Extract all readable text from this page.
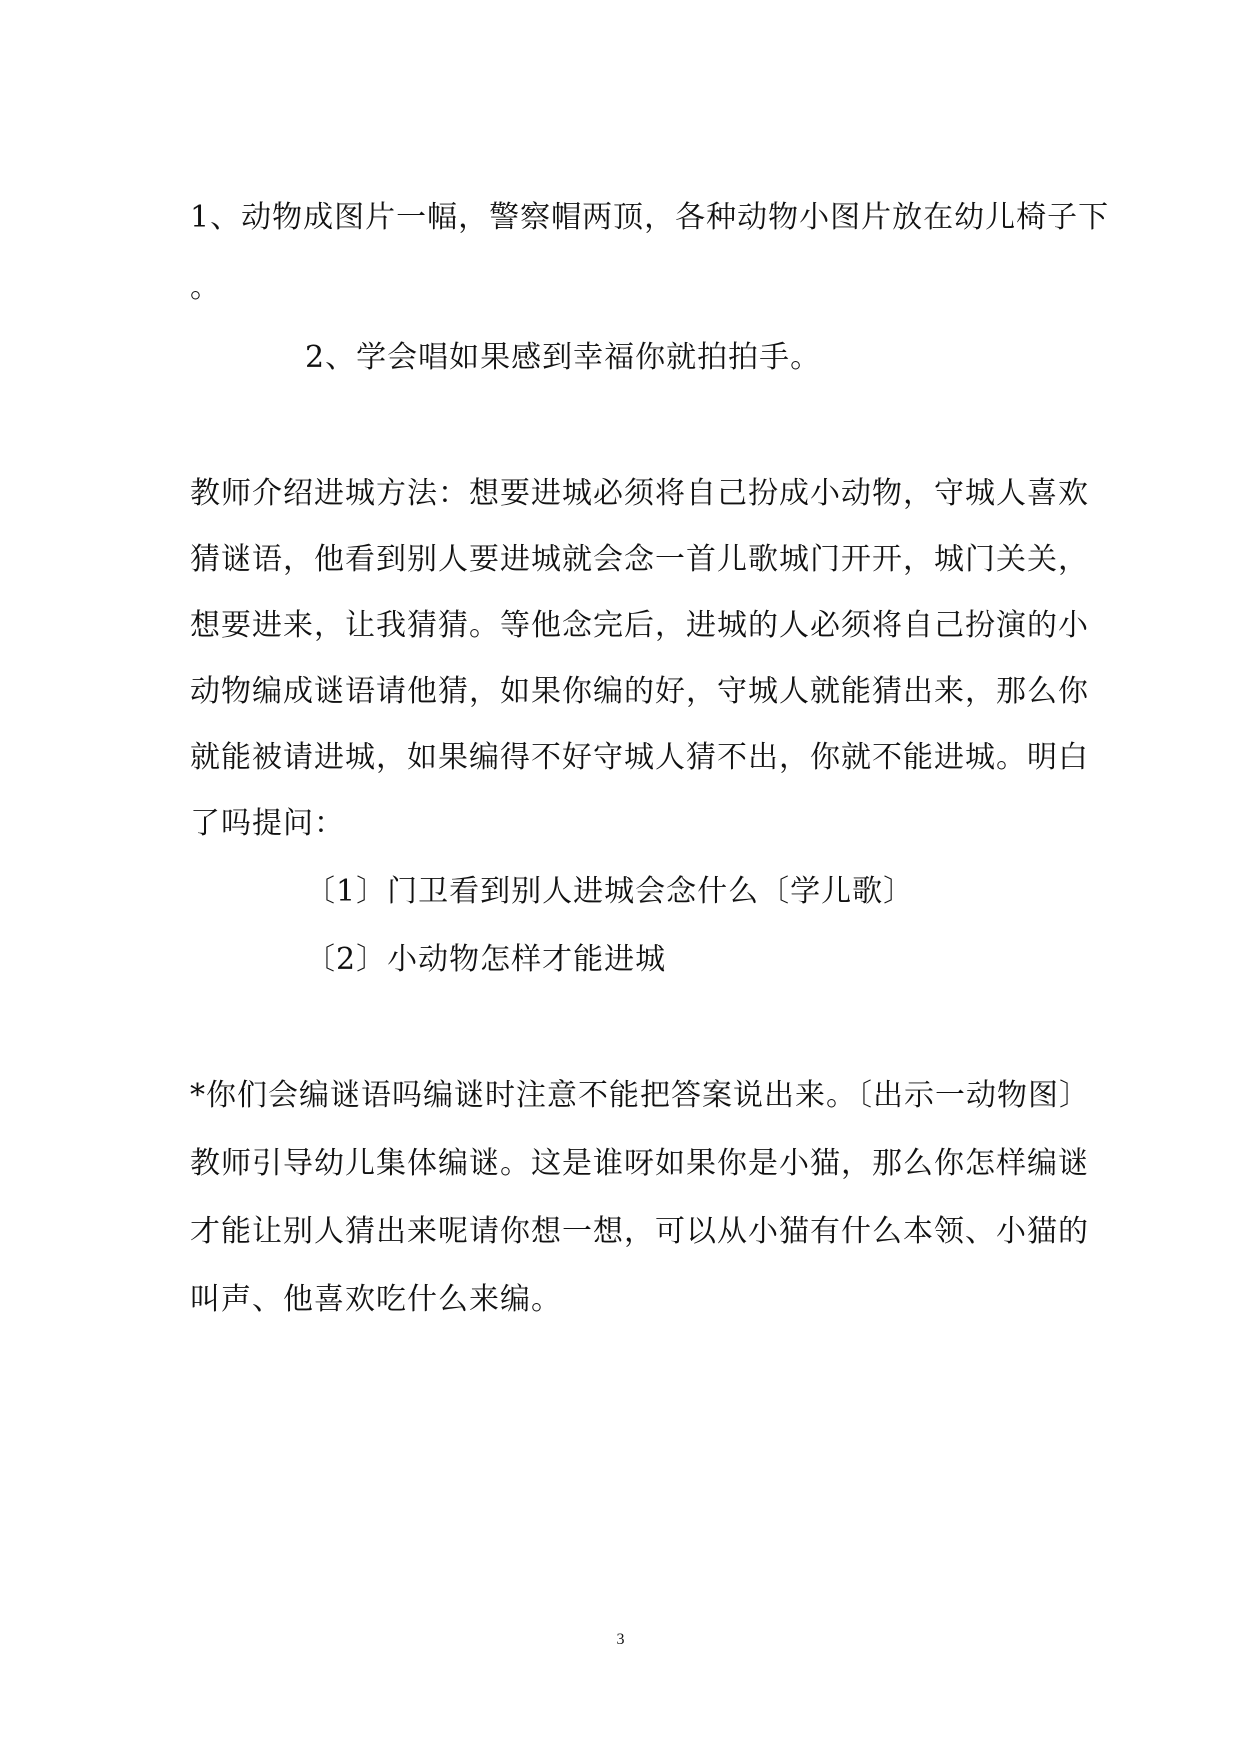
1、动物成图片一幅，警察帽两顶，各种动物小图片放在幼儿椅子下
。
2、学会唱如果感到幸福你就拍拍手。
教师介绍进城方法：想要进城必须将自己扮成小动物，守城人喜欢
猜谜语，他看到别人要进城就会念一首儿歌城门开开，城门关关，
想要进来，让我猜猜。等他念完后，进城的人必须将自己扮演的小
动物编成谜语请他猜，如果你编的好，守城人就能猜出来，那么你
就能被请进城，如果编得不好守城人猜不出，你就不能进城。明白
了吗提问：
〔1〕门卫看到别人进城会念什么〔学儿歌〕
〔2〕小动物怎样才能进城
*你们会编谜语吗编谜时注意不能把答案说出来。〔出示一动物图〕
教师引导幼儿集体编谜。这是谁呀如果你是小猫，那么你怎样编谜
才能让别人猜出来呢请你想一想，可以从小猫有什么本领、小猫的
叫声、他喜欢吃什么来编。
3
